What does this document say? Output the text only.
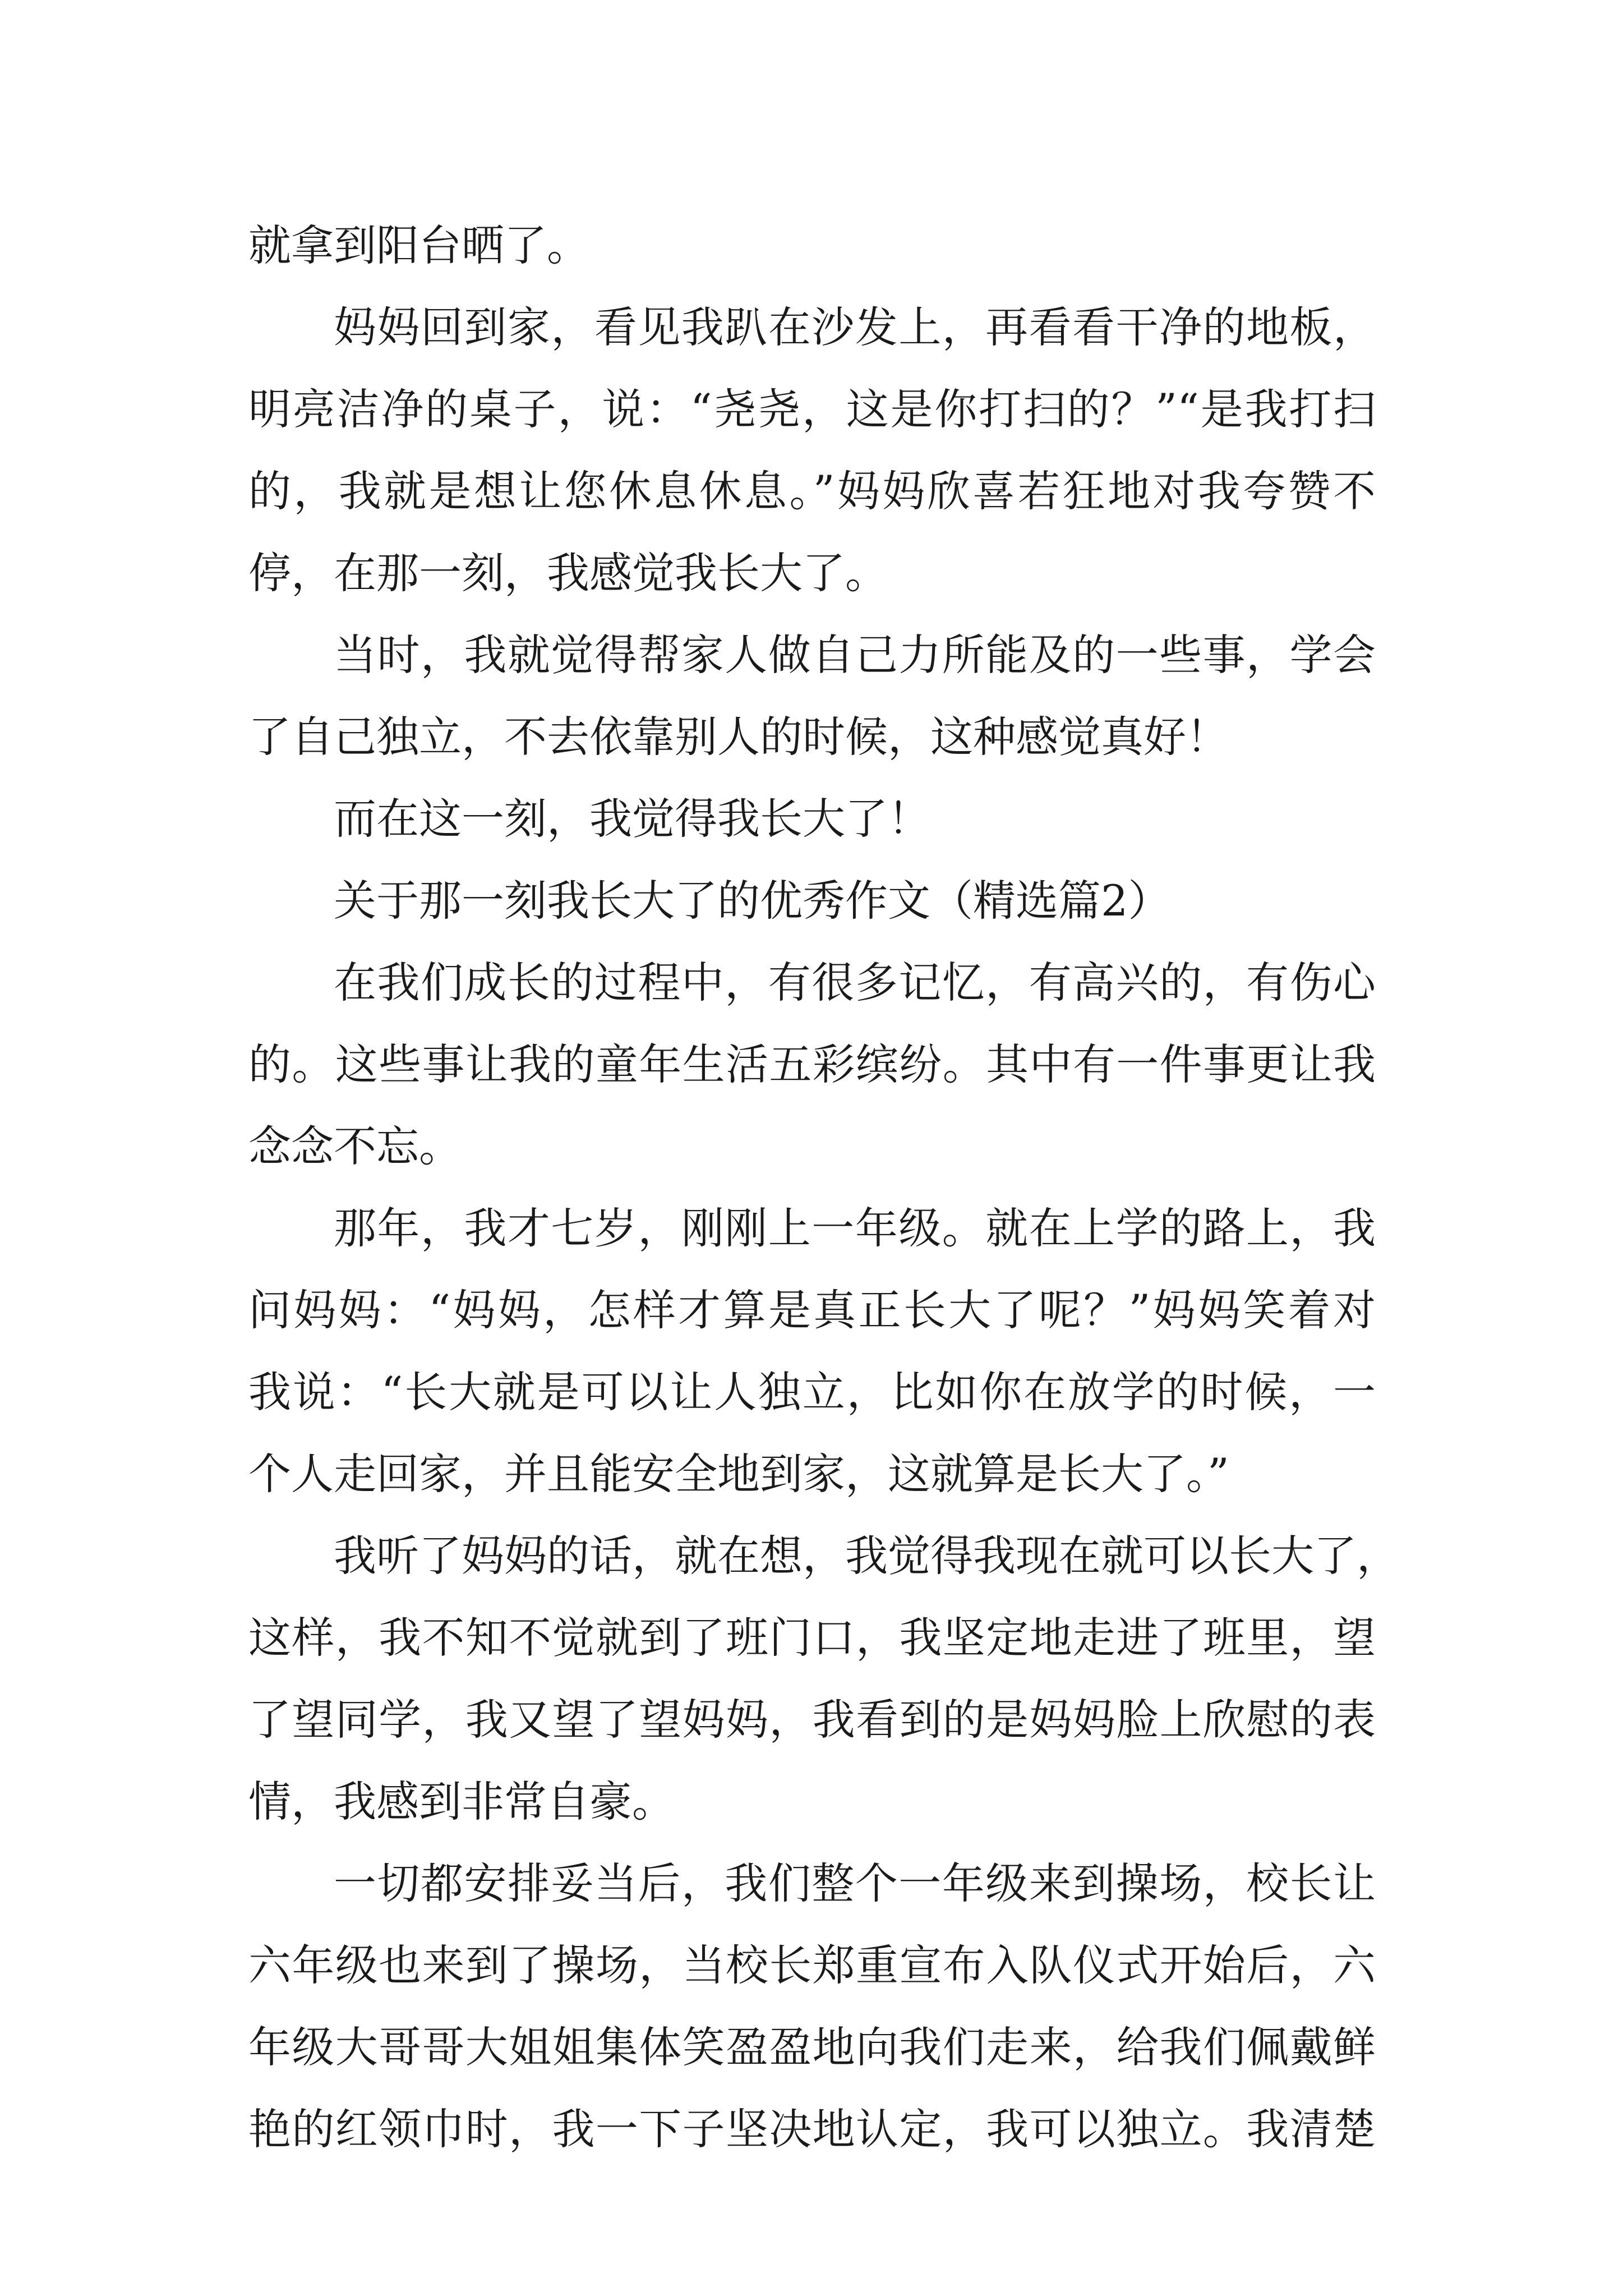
就拿到阳台晒了。
妈妈回到家，看见我趴在沙发上，再看看干净的地板，
明亮洁净的桌子，说：“尧尧，这是你打扫的？”“是我打扫
的，我就是想让您休息休息。”妈妈欣喜若狂地对我夸赞不
停，在那一刻，我感觉我长大了。
当时，我就觉得帮家人做自己力所能及的一些事，学会
了自己独立，不去依靠别人的时候，这种感觉真好！
而在这一刻，我觉得我长大了！
关于那一刻我长大了的优秀作文（精选篇2）
在我们成长的过程中，有很多记忆，有高兴的，有伤心
的。这些事让我的童年生活五彩缤纷。其中有一件事更让我
念念不忘。
那年，我才七岁，刚刚上一年级。就在上学的路上，我
问妈妈：“妈妈，怎样才算是真正长大了呢？”妈妈笑着对
我说：“长大就是可以让人独立，比如你在放学的时候，一
个人走回家，并且能安全地到家，这就算是长大了。”
我听了妈妈的话，就在想，我觉得我现在就可以长大了，
这样，我不知不觉就到了班门口，我坚定地走进了班里，望
了望同学，我又望了望妈妈，我看到的是妈妈脸上欣慰的表
情，我感到非常自豪。
一切都安排妥当后，我们整个一年级来到操场，校长让
六年级也来到了操场，当校长郑重宣布入队仪式开始后，六
年级大哥哥大姐姐集体笑盈盈地向我们走来，给我们佩戴鲜
艳的红领巾时，我一下子坚决地认定，我可以独立。我清楚
